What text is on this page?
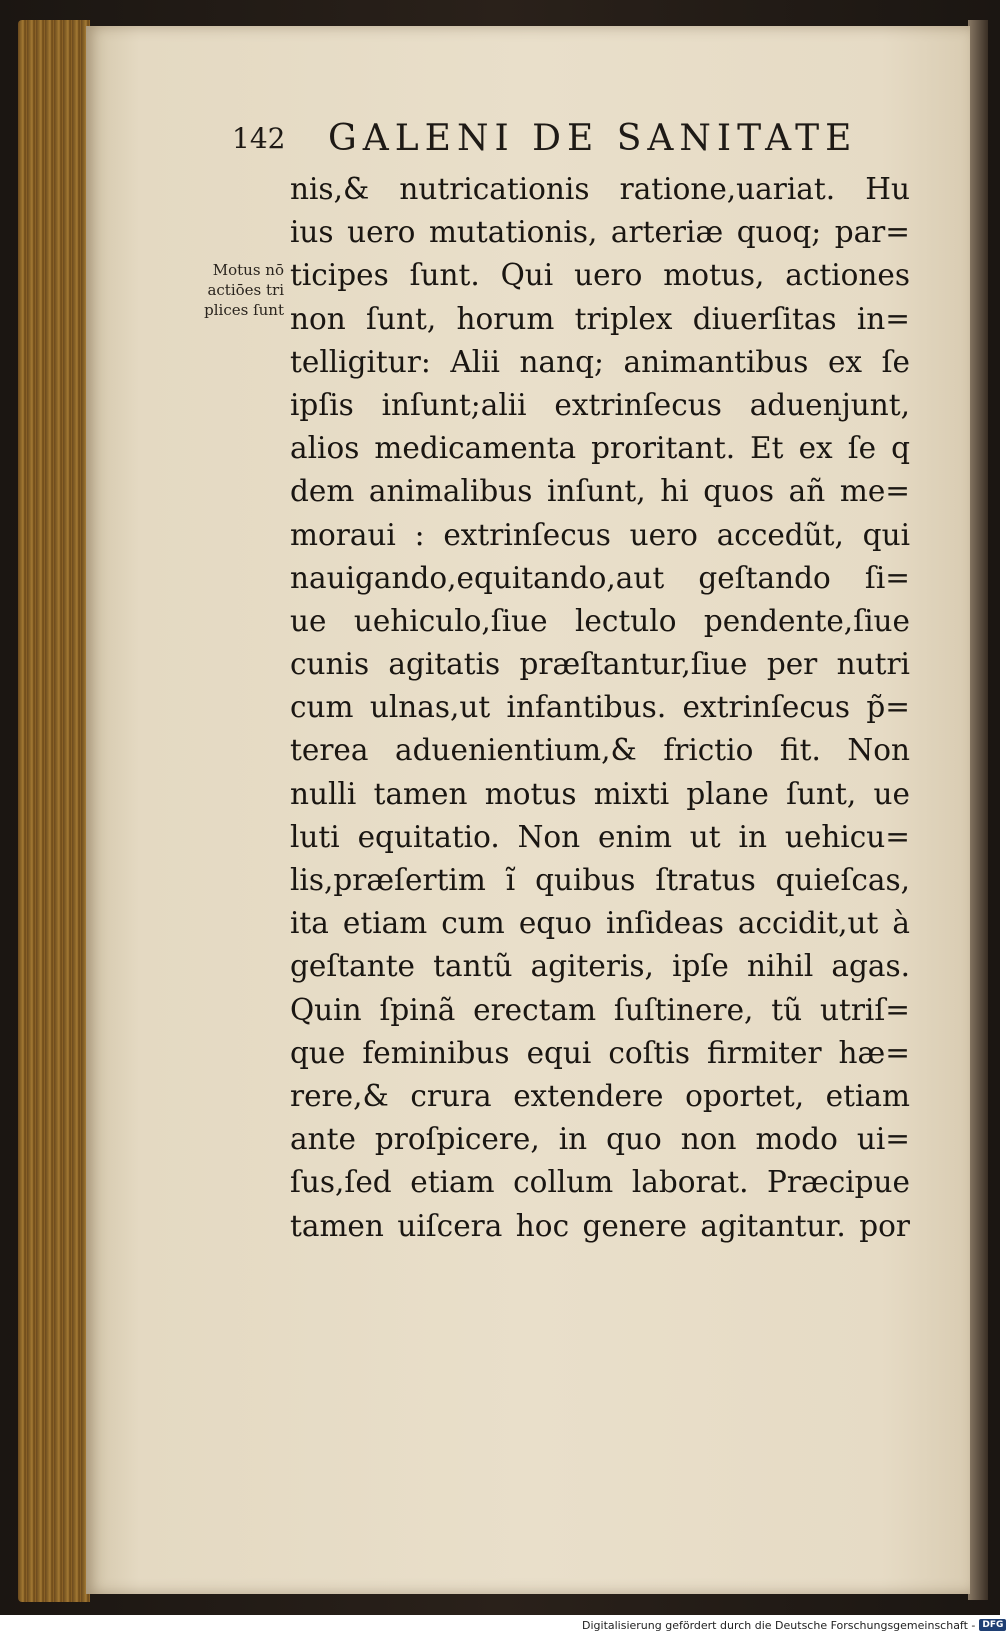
142 GALENI DE SANITATE
Motus nō
actiōes tri
plices ſunt
nis,& nutricationis ratione,uariat. Hu
ius uero mutationis, arteriæ quoq; par=
ticipes ſunt. Qui uero motus, actiones
non ſunt, horum triplex diuerſitas in=
telligitur: Alii nanq; animantibus ex ſe
ipſis inſunt;alii extrinſecus aduenjunt,
alios medicamenta proritant. Et ex ſe q
dem animalibus inſunt, hi quos añ me=
moraui : extrinſecus uero accedũt, qui
nauigando,equitando,aut geſtando ſi=
ue uehiculo,ſiue lectulo pendente,ſiue
cunis agitatis præſtantur,ſiue per nutri
cum ulnas,ut infantibus. extrinſecus p̃=
terea aduenientium,& frictio fit. Non
nulli tamen motus mixti plane ſunt, ue
luti equitatio. Non enim ut in uehicu=
lis,præſertim ĩ quibus ſtratus quieſcas,
ita etiam cum equo inſideas accidit,ut à
geſtante tantũ agiteris, ipſe nihil agas.
Quin ſpinã erectam ſuſtinere, tũ utriſ=
que feminibus equi coſtis firmiter hæ=
rere,& crura extendere oportet, etiam
ante proſpicere, in quo non modo ui=
ſus,ſed etiam collum laborat. Præcipue
tamen uiſcera hoc genere agitantur. por
Digitalisierung gefördert durch die Deutsche Forschungsgemeinschaft - DFG
